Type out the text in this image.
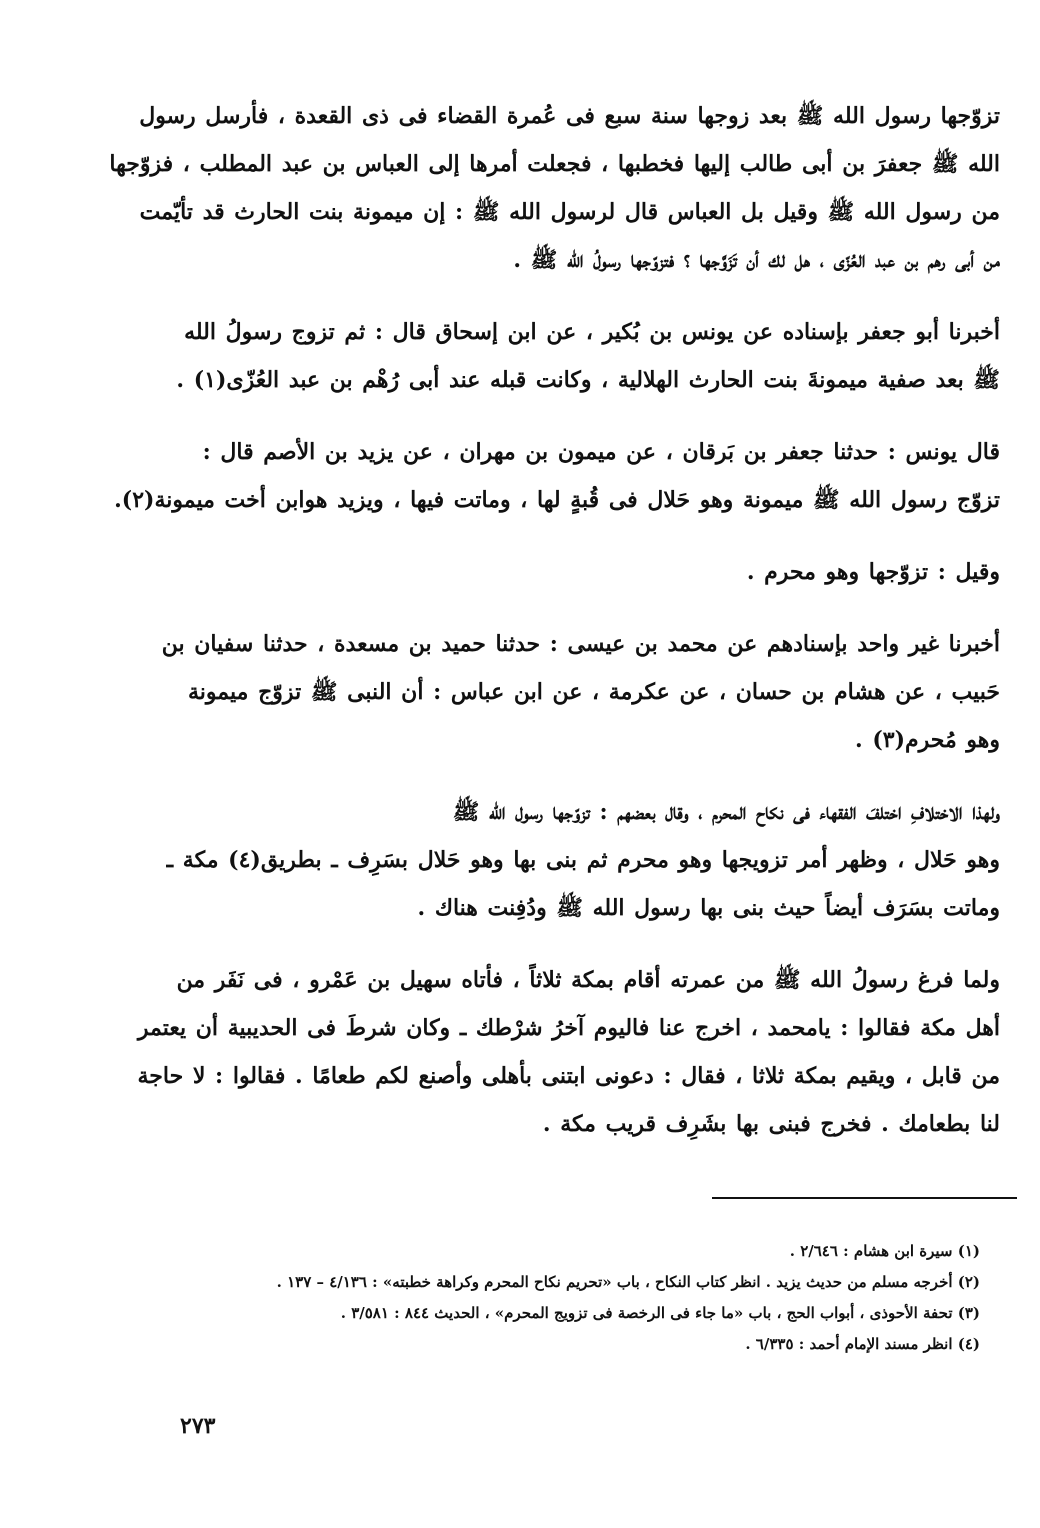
تزوّجها رسول الله ﷺ بعد زوجها سنة سبع فى عُمرة القضاء فى ذى القعدة ، فأرسل رسول
الله ﷺ جعفرَ بن أبى طالب إليها فخطبها ، فجعلت أمرها إلى العباس بن عبد المطلب ، فزوّجها
من رسول الله ﷺ وقيل بل العباس قال لرسول الله ﷺ : إن ميمونة بنت الحارث قد تأيّمت
من أبى رهم بن عبد العُزّى ، هل لك أن تَزَوَّجها ؟ فتزوّجها رسولُ الله ﷺ .

أخبرنا أبو جعفر بإسناده عن يونس بن بُكير ، عن ابن إسحاق قال : ثم تزوج رسولُ الله
ﷺ بعد صفية ميمونةَ بنت الحارث الهلالية ، وكانت قبله عند أبى رُهْم بن عبد العُزّى(١) .

قال يونس : حدثنا جعفر بن بَرقان ، عن ميمون بن مهران ، عن يزيد بن الأصم قال :
تزوّج رسول الله ﷺ ميمونة وهو حَلال فى قُبةٍ لها ، وماتت فيها ، ويزيد هوابن أخت ميمونة(٢).

وقيل : تزوّجها وهو محرم .

أخبرنا غير واحد بإسنادهم عن محمد بن عيسى : حدثنا حميد بن مسعدة ، حدثنا سفيان بن
حَبيب ، عن هشام بن حسان ، عن عكرمة ، عن ابن عباس : أن النبى ﷺ تزوّج ميمونة
وهو مُحرم(٣) .

ولهذا الاختلافِ اختلفَ الفقهاء فى نكاح المحرم ، وقال بعضهم : تزوّجها رسول الله ﷺ
وهو حَلال ، وظهر أمر تزويجها وهو محرم ثم بنى بها وهو حَلال بسَرِف ـ بطريق(٤) مكة ـ
وماتت بسَرَف أيضاً حيث بنى بها رسول الله ﷺ ودُفِنت هناك .

ولما فرغ رسولُ الله ﷺ من عمرته أقام بمكة ثلاثاً ، فأتاه سهيل بن عَمْرو ، فى نَفَر من
أهل مكة فقالوا : يامحمد ، اخرج عنا فاليوم آخرُ شرْطك ـ وكان شرطَ فى الحديبية أن يعتمر
من قابل ، ويقيم بمكة ثلاثا ، فقال : دعونى ابتنى بأهلى وأصنع لكم طعامًا . فقالوا : لا حاجة
لنا بطعامك . فخرج فبنى بها بشَرِف قريب مكة .

(١) سيرة ابن هشام : ٢/٦٤٦ .
(٢) أخرجه مسلم من حديث يزيد . انظر كتاب النكاح ، باب «تحريم نكاح المحرم وكراهة خطبته» : ٤/١٣٦ – ١٣٧ .
(٣) تحفة الأحوذى ، أبواب الحج ، باب «ما جاء فى الرخصة فى تزويج المحرم» ، الحديث ٨٤٤ : ٣/٥٨١ .
(٤) انظر مسند الإمام أحمد : ٦/٣٣٥ .
٢٧٣
